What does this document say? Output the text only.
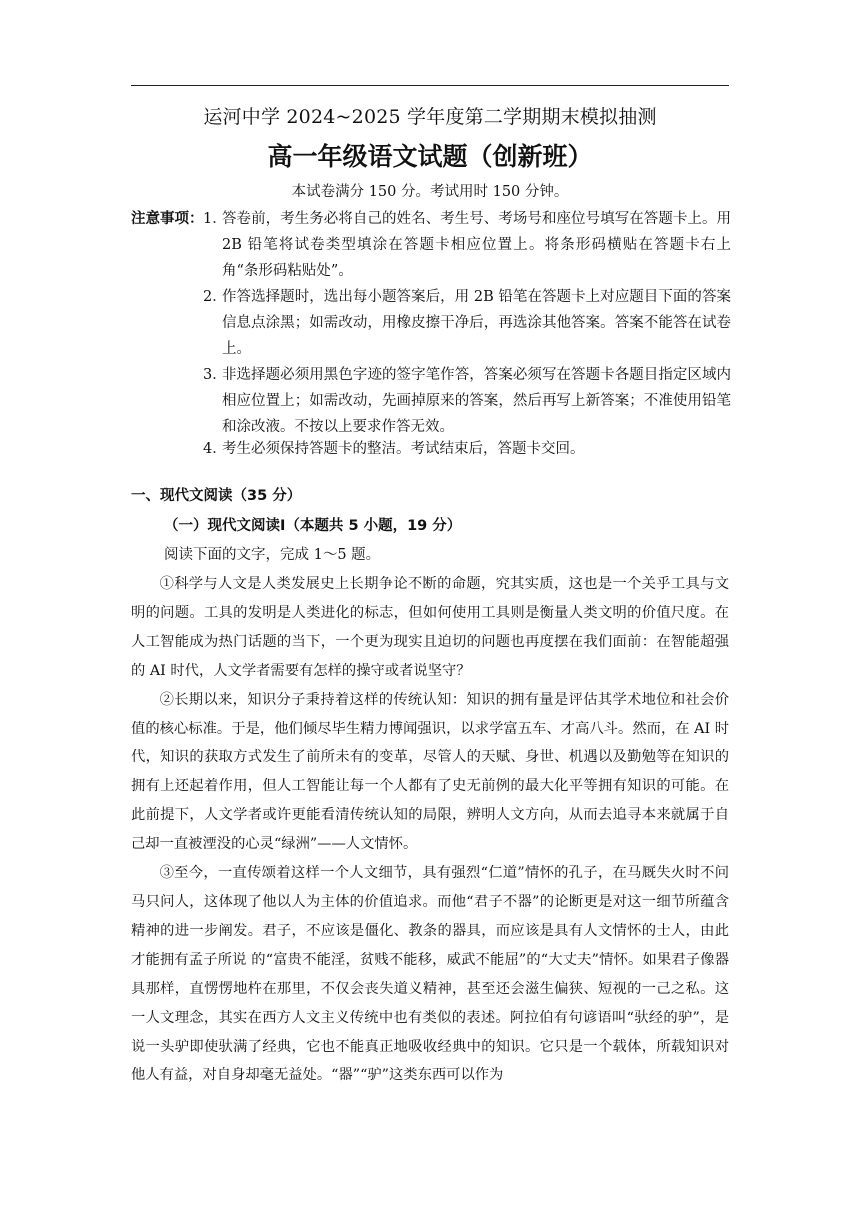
运河中学 2024~2025 学年度第二学期期末模拟抽测
高一年级语文试题（创新班）
本试卷满分 150 分。考试用时 150 分钟。
注意事项： 1．
答卷前，考生务必将自己的姓名、考生号、考场号和座位号填写在答题卡上。用 2B 铅笔将试卷类型填涂在答题卡相应位置上。将条形码横贴在答题卡右上角“条形码粘贴处”。
2．
作答选择题时，选出每小题答案后，用 2B 铅笔在答题卡上对应题目下面的答案信息点涂黑；如需改动，用橡皮擦干净后，再选涂其他答案。答案不能答在试卷上。
3．
非选择题必须用黑色字迹的签字笔作答，答案必须写在答题卡各题目指定区域内相应位置上；如需改动，先画掉原来的答案，然后再写上新答案；不准使用铅笔和涂改液。不按以上要求作答无效。
4．
考生必须保持答题卡的整洁。考试结束后，答题卡交回。
一、现代文阅读（35 分）
（一）现代文阅读Ⅰ（本题共 5 小题，19 分）
阅读下面的文字，完成 1～5 题。

①科学与人文是人类发展史上长期争论不断的命题，究其实质，这也是一个关乎工具与文明的问题。工具的发明是人类进化的标志，但如何使用工具则是衡量人类文明的价值尺度。在人工智能成为热门话题的当下，一个更为现实且迫切的问题也再度摆在我们面前：在智能超强的 AI 时代，人文学者需要有怎样的操守或者说坚守？

②长期以来，知识分子秉持着这样的传统认知：知识的拥有量是评估其学术地位和社会价值的核心标准。于是，他们倾尽毕生精力博闻强识，以求学富五车、才高八斗。然而，在 AI 时代，知识的获取方式发生了前所未有的变革，尽管人的天赋、身世、机遇以及勤勉等在知识的拥有上还起着作用，但人工智能让每一个人都有了史无前例的最大化平等拥有知识的可能。在此前提下，人文学者或许更能看清传统认知的局限，辨明人文方向，从而去追寻本来就属于自己却一直被湮没的心灵“绿洲”——人文情怀。

③至今，一直传颂着这样一个人文细节，具有强烈“仁道”情怀的孔子，在马厩失火时不问马只问人，这体现了他以人为主体的价值追求。而他“君子不器”的论断更是对这一细节所蕴含精神的进一步阐发。君子，不应该是僵化、教条的器具，而应该是具有人文情怀的士人，由此才能拥有孟子所说 的“富贵不能淫，贫贱不能移，威武不能屈”的“大丈夫”情怀。如果君子像器具那样，直愣愣地杵在那里，不仅会丧失道义精神，甚至还会滋生偏狭、短视的一己之私。这一人文理念，其实在西方人文主义传统中也有类似的表述。阿拉伯有句谚语叫“驮经的驴”，是说一头驴即使驮满了经典，它也不能真正地吸收经典中的知识。它只是一个载体，所载知识对他人有益，对自身却毫无益处。“器”“驴”这类东西可以作为
